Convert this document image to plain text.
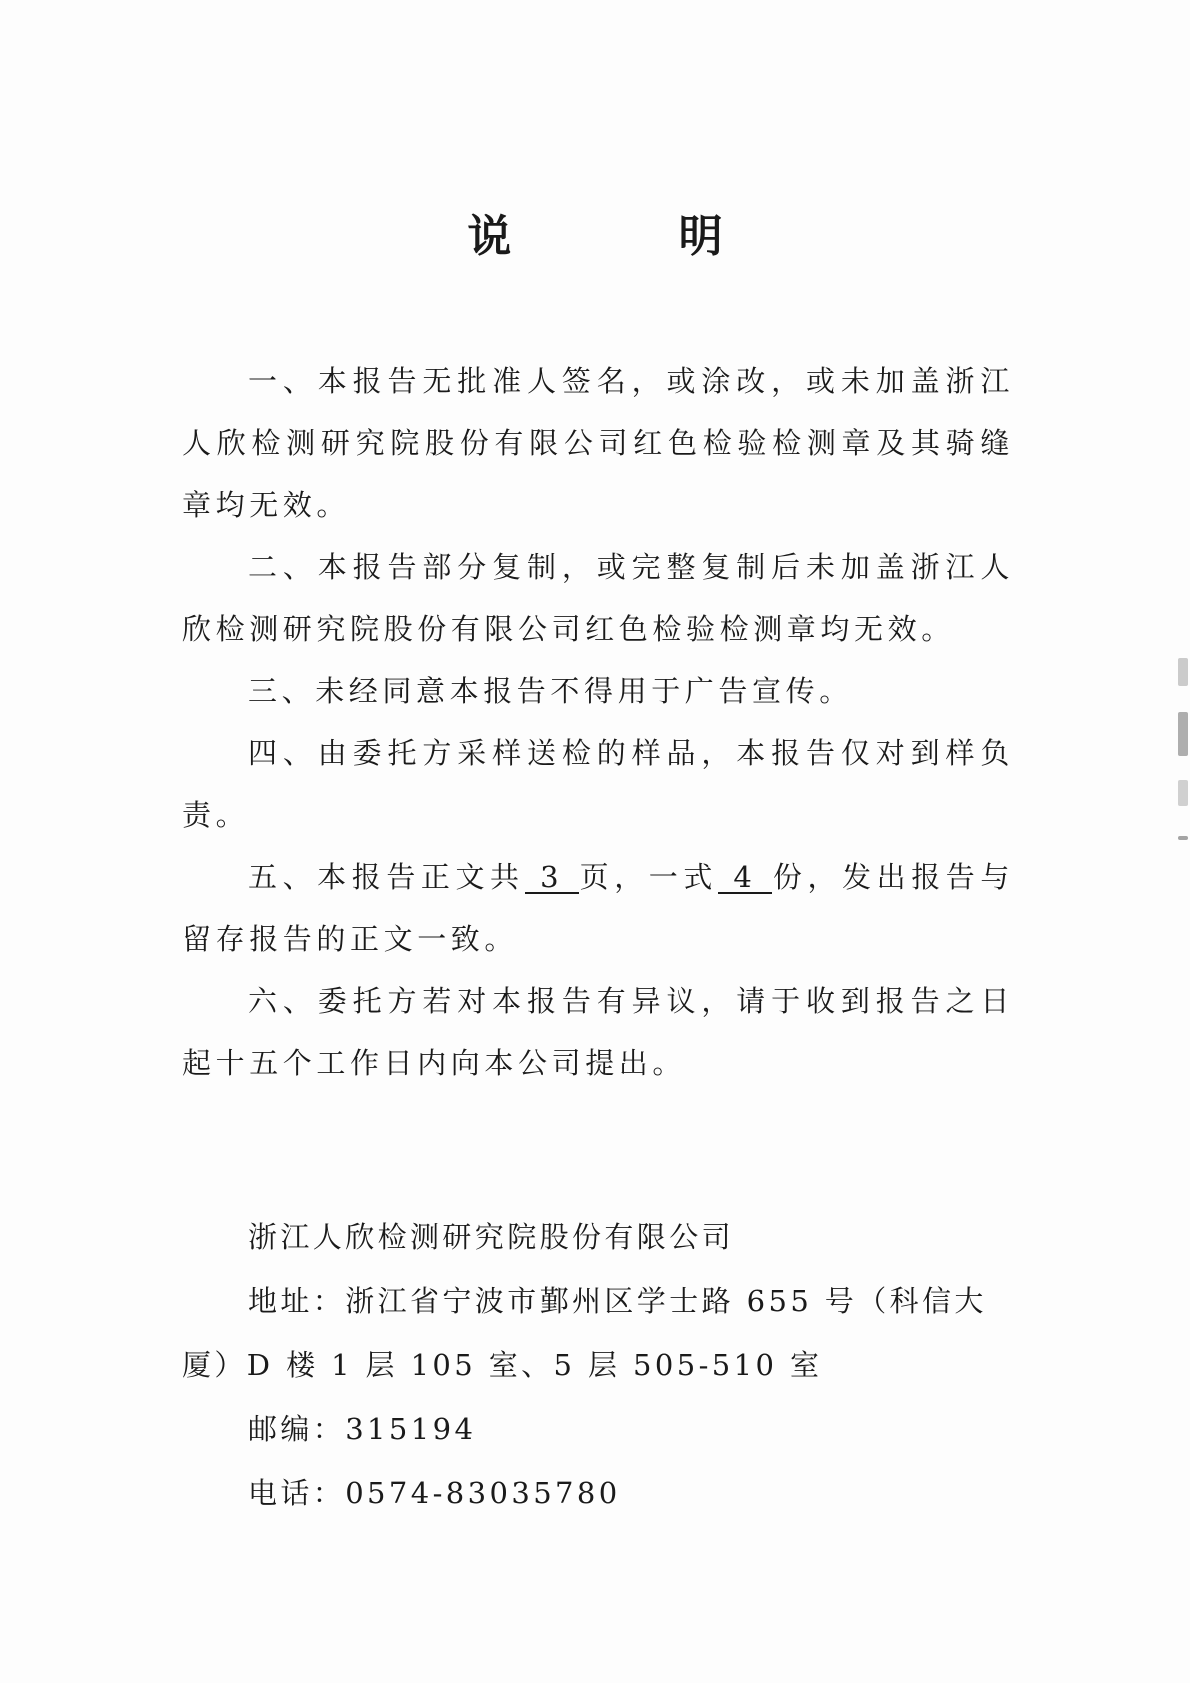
说 明

一、本报告无批准人签名，或涂改，或未加盖浙江人欣检测研究院股份有限公司红色检验检测章及其骑缝章均无效。

二、本报告部分复制，或完整复制后未加盖浙江人欣检测研究院股份有限公司红色检验检测章均无效。

三、未经同意本报告不得用于广告宣传。

四、由委托方采样送检的样品，本报告仅对到样负责。

五、本报告正文共 3 页，一式 4 份，发出报告与留存报告的正文一致。

六、委托方若对本报告有异议，请于收到报告之日起十五个工作日内向本公司提出。

浙江人欣检测研究院股份有限公司

地址：浙江省宁波市鄞州区学士路 655 号（科信大厦）D 楼 1 层 105 室、5 层 505-510 室

邮编：315194

电话：0574-83035780
